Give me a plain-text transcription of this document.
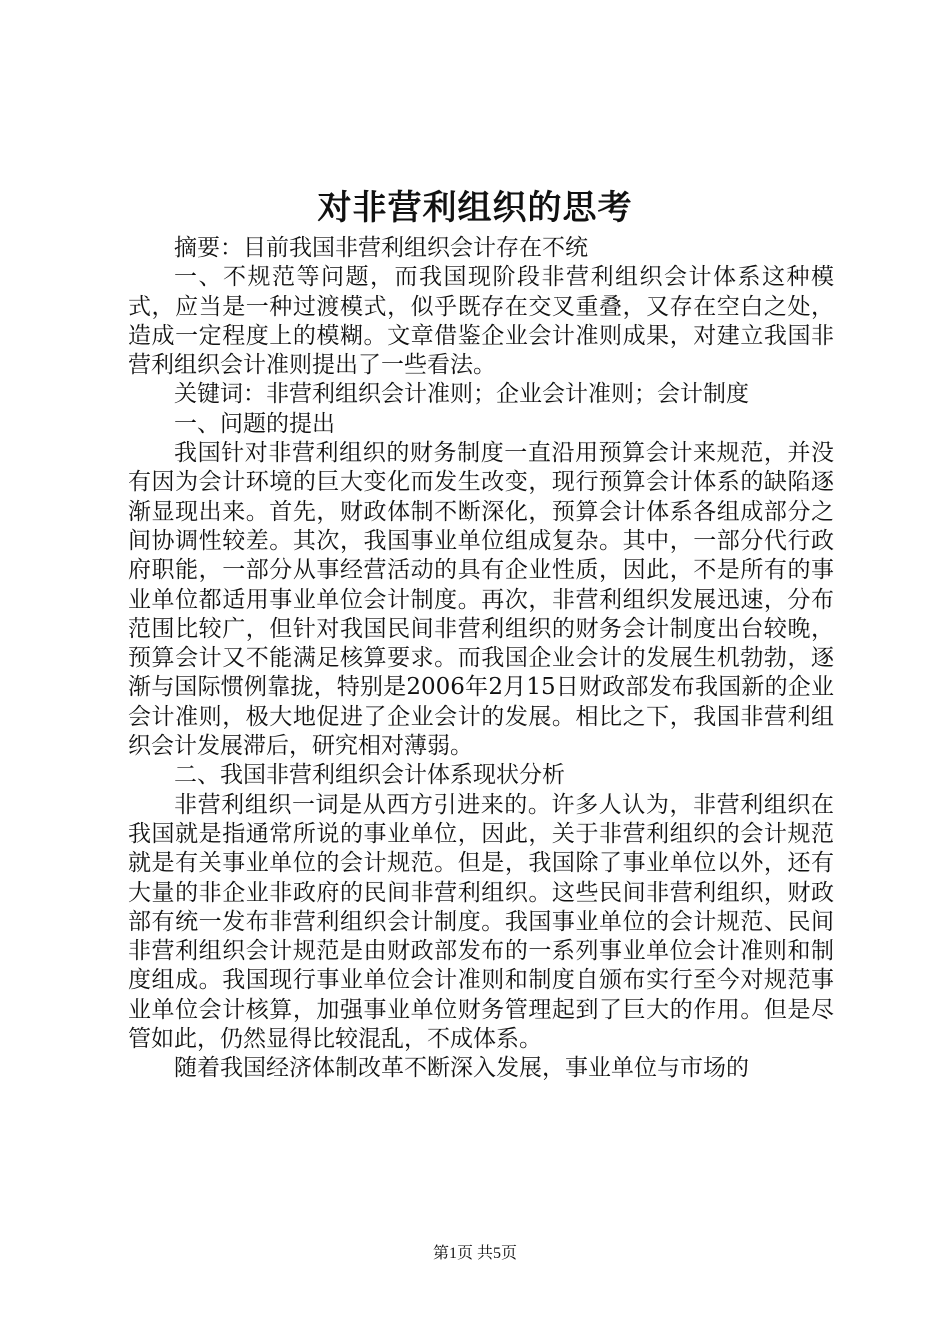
对非营利组织的思考

摘要：目前我国非营利组织会计存在不统

一、不规范等问题，而我国现阶段非营利组织会计体系这种模式，应当是一种过渡模式，似乎既存在交叉重叠，又存在空白之处，造成一定程度上的模糊。文章借鉴企业会计准则成果，对建立我国非营利组织会计准则提出了一些看法。

关键词：非营利组织会计准则；企业会计准则；会计制度

一、问题的提出

我国针对非营利组织的财务制度一直沿用预算会计来规范，并没有因为会计环境的巨大变化而发生改变，现行预算会计体系的缺陷逐渐显现出来。首先，财政体制不断深化，预算会计体系各组成部分之间协调性较差。其次，我国事业单位组成复杂。其中，一部分代行政府职能，一部分从事经营活动的具有企业性质，因此，不是所有的事业单位都适用事业单位会计制度。再次，非营利组织发展迅速，分布范围比较广，但针对我国民间非营利组织的财务会计制度出台较晚，预算会计又不能满足核算要求。而我国企业会计的发展生机勃勃，逐渐与国际惯例靠拢，特别是2006年2月15日财政部发布我国新的企业会计准则，极大地促进了企业会计的发展。相比之下，我国非营利组织会计发展滞后，研究相对薄弱。

二、我国非营利组织会计体系现状分析

非营利组织一词是从西方引进来的。许多人认为，非营利组织在我国就是指通常所说的事业单位，因此，关于非营利组织的会计规范就是有关事业单位的会计规范。但是，我国除了事业单位以外，还有大量的非企业非政府的民间非营利组织。这些民间非营利组织，财政部有统一发布非营利组织会计制度。我国事业单位的会计规范、民间非营利组织会计规范是由财政部发布的一系列事业单位会计准则和制度组成。我国现行事业单位会计准则和制度自颁布实行至今对规范事业单位会计核算，加强事业单位财务管理起到了巨大的作用。但是尽管如此，仍然显得比较混乱，不成体系。

随着我国经济体制改革不断深入发展，事业单位与市场的

第1页 共5页
